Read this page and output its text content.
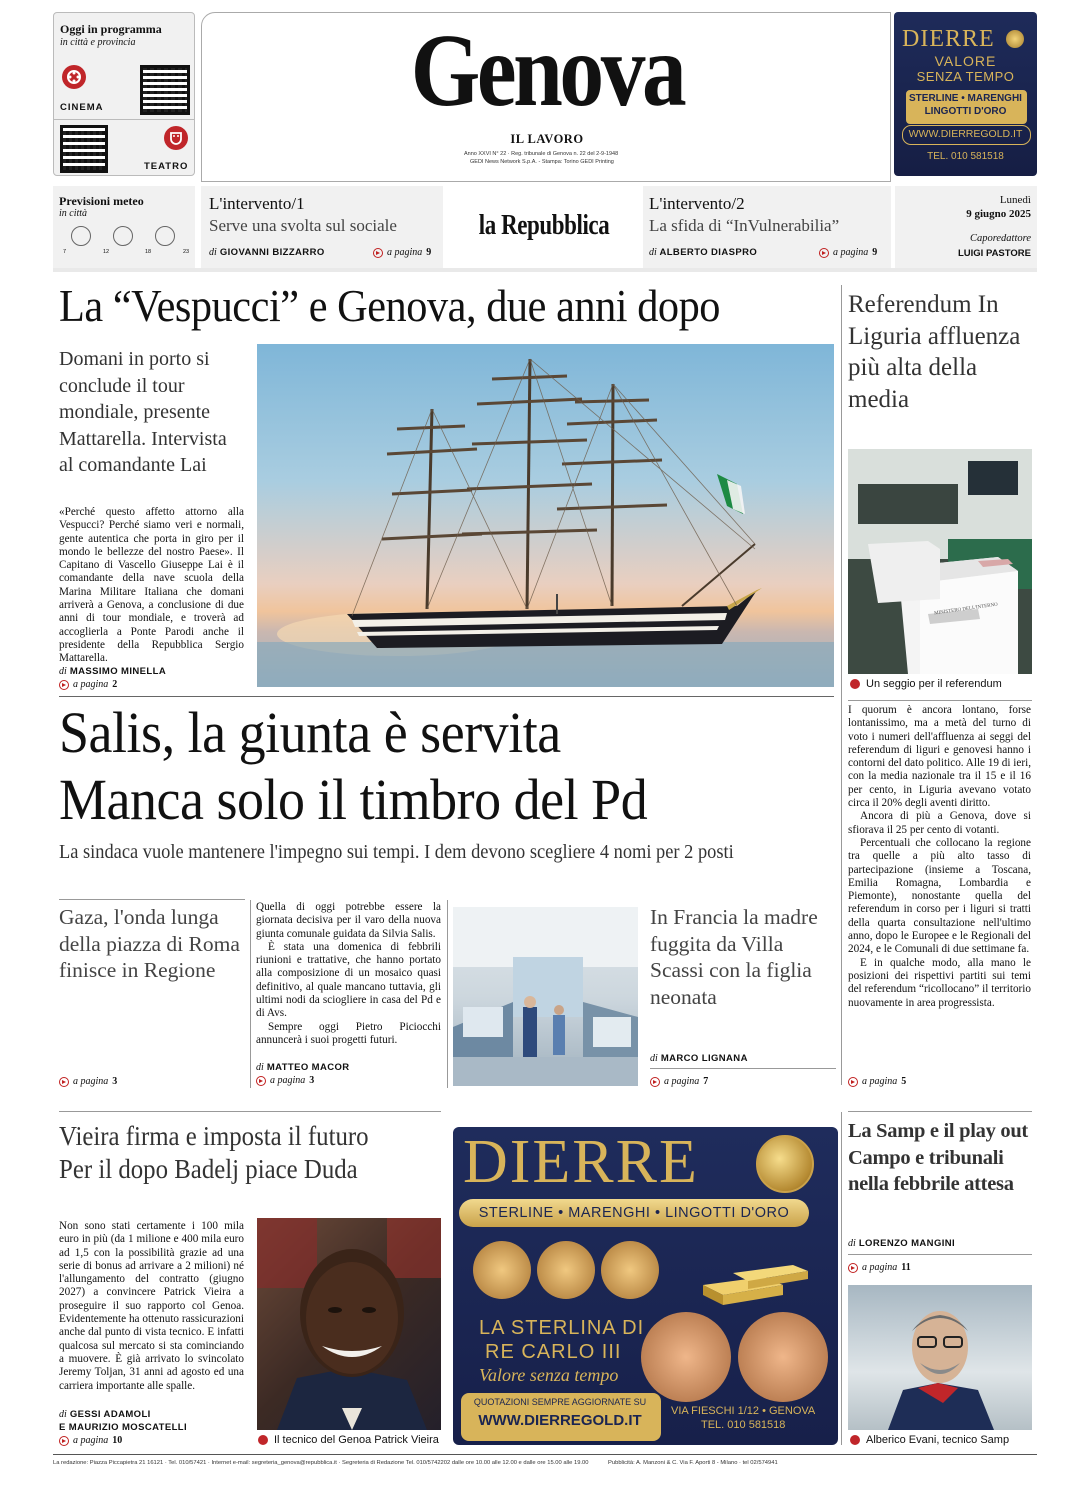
Oggi in programma
in città e provincia
CINEMA
TEATRO
Genova
IL LAVORO
Anno XXVI N° 22 · Reg. tribunale di Genova n. 22 del 2-9-1948
GEDI News Network S.p.A. - Stampa: Torino GEDI Printing
DIERRE
VALORE
SENZA TEMPO
STERLINE • MARENGHI
LINGOTTI D'ORO
WWW.DIERREGOLD.IT
TEL. 010 581518
Previsioni meteo
in città
7	12	18	23
L'intervento/1
Serve una svolta sul sociale
di GIOVANNI BIZZARRO	a pagina 9
la Repubblica
L'intervento/2
La sfida di “InVulnerabilia”
di ALBERTO DIASPRO	a pagina 9
Lunedì
9 giugno 2025
Caporedattore
LUIGI PASTORE
La “Vespucci” e Genova, due anni dopo
Domani in porto si conclude il tour mondiale, presente Mattarella. Intervista al comandante Lai
«Perché questo affetto attorno alla Vespucci? Perché siamo veri e normali, gente autentica che porta in giro per il mondo le bellezze del nostro Paese». Il Capitano di Vascello Giuseppe Lai è il comandante della nave scuola della Marina Militare Italiana che domani arriverà a Genova, a conclusione di due anni di tour mondiale, e troverà ad accoglierla a Ponte Parodi anche il presidente della Repubblica Sergio Mattarella.
di MASSIMO MINELLA
a pagina 2
Referendum In Liguria affluenza più alta della media
MINISTERO DELL'INTERNO
Un seggio per il referendum
I quorum è ancora lontano, forse lontanissimo, ma a metà del turno di voto i numeri dell'affluenza ai seggi del referendum di liguri e genovesi hanno i contorni del dato politico. Alle 19 di ieri, con la media nazionale tra il 15 e il 16 per cento, in Liguria avevano votato circa il 20% degli aventi diritto.
Ancora di più a Genova, dove si sfiorava il 25 per cento di votanti.
Percentuali che collocano la regione tra quelle a più alto tasso di partecipazione (insieme a Toscana, Emilia Romagna, Lombardia e Piemonte), nonostante quella del referendum in corso per i liguri si tratti della quarta consultazione nell'ultimo anno, dopo le Europee e le Regionali del 2024, e le Comunali di due settimane fa.
E in qualche modo, alla mano le posizioni dei rispettivi partiti sui temi del referendum “ricollocano” il territorio nuovamente in area progressista.
a pagina 5
Salis, la giunta è servita
Manca solo il timbro del Pd
La sindaca vuole mantenere l'impegno sui tempi. I dem devono scegliere 4 nomi per 2 posti
Gaza, l'onda lunga della piazza di Roma finisce in Regione
a pagina 3
Quella di oggi potrebbe essere la giornata decisiva per il varo della nuova giunta comunale guidata da Silvia Salis.
È stata una domenica di febbrili riunioni e trattative, che hanno portato alla composizione di un mosaico quasi definitivo, al quale mancano tuttavia, gli ultimi nodi da sciogliere in casa del Pd e di Avs.
Sempre oggi Pietro Piciocchi annuncerà i suoi progetti futuri.
di MATTEO MACOR
a pagina 3
In Francia la madre fuggita da Villa Scassi con la figlia neonata
di MARCO LIGNANA
a pagina 7
Vieira firma e imposta il futuro
Per il dopo Badelj piace Duda
Non sono stati certamente i 100 mila euro in più (da 1 milione e 400 mila euro ad 1,5 con la possibilità grazie ad una serie di bonus ad arrivare a 2 milioni) né l'allungamento del contratto (giugno 2027) a convincere Patrick Vieira a proseguire il suo rapporto col Genoa. Evidentemente ha ottenuto rassicurazioni anche dal punto di vista tecnico. E infatti qualcosa sul mercato si sta cominciando a muovere. È già arrivato lo svincolato Jeremy Toljan, 31 anni ad agosto ed una carriera importante alle spalle.
di GESSI ADAMOLI
E MAURIZIO MOSCATELLI
a pagina 10	Il tecnico del Genoa Patrick Vieira
DIERRE
STERLINE • MARENGHI • LINGOTTI D'ORO
LA STERLINA DI
RE CARLO III
Valore senza tempo
QUOTAZIONI SEMPRE AGGIORNATE SU
WWW.DIERREGOLD.IT
VIA FIESCHI 1/12 • GENOVA
TEL. 010 581518
La Samp e il play out Campo e tribunali nella febbrile attesa
di LORENZO MANGINI
a pagina 11
Alberico Evani, tecnico Samp
La redazione: Piazza Piccapietra 21 16121 · Tel. 010/57421 · Internet e-mail: segreteria_genova@repubblica.it · Segreteria di Redazione Tel. 010/5742202 dalle ore 10.00 alle 12.00 e dalle ore 15.00 alle 19.00	Pubblicità: A. Manzoni & C. Via F. Aporti 8 - Milano · tel 02/574941
